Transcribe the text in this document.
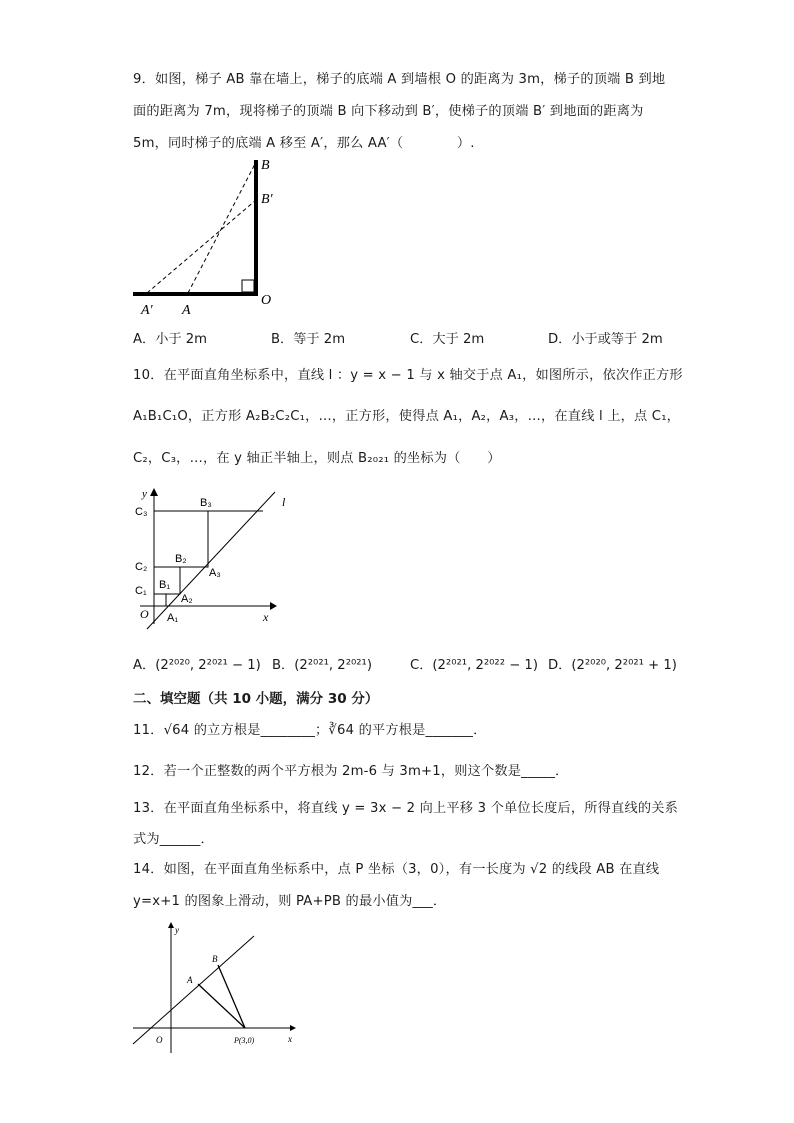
9．如图，梯子 AB 靠在墙上，梯子的底端 A 到墙根 O 的距离为 3m，梯子的顶端 B 到地
面的距离为 7m，现将梯子的顶端 B 向下移动到 B′，使梯子的顶端 B′ 到地面的距离为
5m，同时梯子的底端 A 移至 A′，那么 AA′（　　　　）.
B
B′
O
A′ A
A．小于 2m	B．等于 2m	C．大于 2m	D．小于或等于 2m
10．在平面直角坐标系中，直线 l ：y = x − 1 与 x 轴交于点 A₁，如图所示，依次作正方形
A₁B₁C₁O，正方形 A₂B₂C₂C₁，…，正方形，使得点 A₁，A₂，A₃，…，在直线 l 上，点 C₁，
C₂，C₃，…，在 y 轴正半轴上，则点 B₂₀₂₁ 的坐标为（　　）
y
x
l
O
C₃
C₂
C₁
B₃
B₂
B₁
A₃
A₂
A₁
A．(2²⁰²⁰, 2²⁰²¹ − 1) B．(2²⁰²¹, 2²⁰²¹)	C．(2²⁰²¹, 2²⁰²² − 1) D．(2²⁰²⁰, 2²⁰²¹ + 1)
二、填空题（共 10 小题，满分 30 分）
11．√64 的立方根是________；∛64 的平方根是_______．
12．若一个正整数的两个平方根为 2m-6 与 3m+1，则这个数是_____．
13．在平面直角坐标系中，将直线 y = 3x − 2 向上平移 3 个单位长度后，所得直线的关系
式为______．
14．如图，在平面直角坐标系中，点 P 坐标（3，0），有一长度为 √2 的线段 AB 在直线
y=x+1 的图象上滑动，则 PA+PB 的最小值为___．
y
x
O
A
B
P(3,0)
